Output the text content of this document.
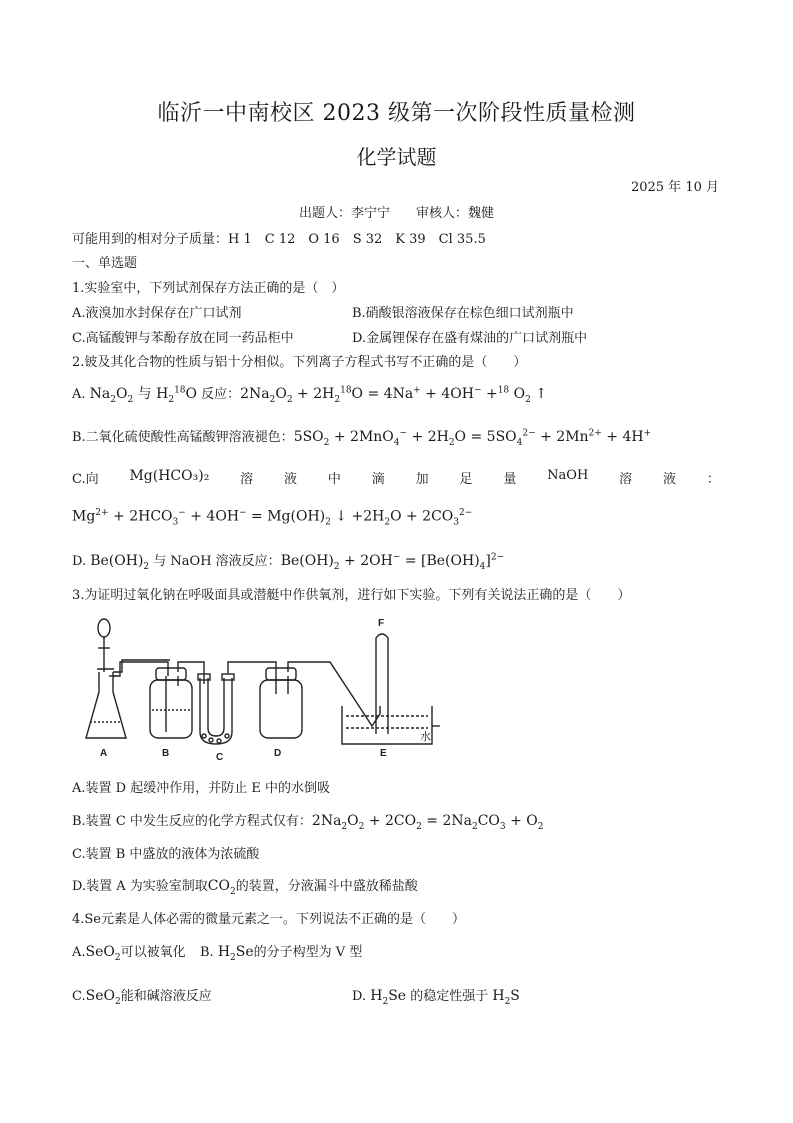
临沂一中南校区 2023 级第一次阶段性质量检测
化学试题
2025 年 10 月
出题人：李宁宁　　审核人：魏健
可能用到的相对分子质量：H 1　C 12　O 16　S 32　K 39　Cl 35.5
一、单选题
1.实验室中，下列试剂保存方法正确的是（　）
A.液溴加水封保存在广口试剂	B.硝酸银溶液保存在棕色细口试剂瓶中
C.高锰酸钾与苯酚存放在同一药品柜中	D.金属锂保存在盛有煤油的广口试剂瓶中
2.铍及其化合物的性质与铝十分相似。下列离子方程式书写不正确的是（　　）
A. $Na_2O_2$ 与 $H_2^{18}O$ 反应：$2Na_2O_2 + 2H_2^{18}O = 4Na^+ + 4OH^- +^{18}$ $O_2$ ↑
B.二氧化硫使酸性高锰酸钾溶液褪色：$5SO_2 + 2MnO_4^- + 2H_2O = 5SO_4^{2-} + 2Mn^{2+} + 4H^+$
C.向 Mg(HCO₃)₂ 溶 液 中 滴 加 足 量 NaOH 溶 液 ：
$Mg^{2+} + 2HCO_3^- + 4OH^- = Mg(OH)_2$ ↓ $+2H_2O + 2CO_3^{2-}$
D. $Be(OH)_2$ 与 NaOH 溶液反应：$Be(OH)_2 + 2OH^- = [Be(OH)_4]^{2-}$
3.为证明过氧化钠在呼吸面具或潜艇中作供氧剂，进行如下实验。下列有关说法正确的是（　　）
A	B	C	D	E
F
水
A.装置 D 起缓冲作用，并防止 E 中的水倒吸
B.装置 C 中发生反应的化学方程式仅有：$2Na_2O_2 + 2CO_2 = 2Na_2CO_3 + O_2$
C.装置 B 中盛放的液体为浓硫酸
D.装置 A 为实验室制取$CO_2$的装置，分液漏斗中盛放稀盐酸
4.Se元素是人体必需的微量元素之一。下列说法不正确的是（　　）
A.SeO$_2$可以被氧化 B. $H_2Se$的分子构型为 V 型
C.SeO$_2$能和碱溶液反应	D. $H_2Se$ 的稳定性强于 $H_2S$
